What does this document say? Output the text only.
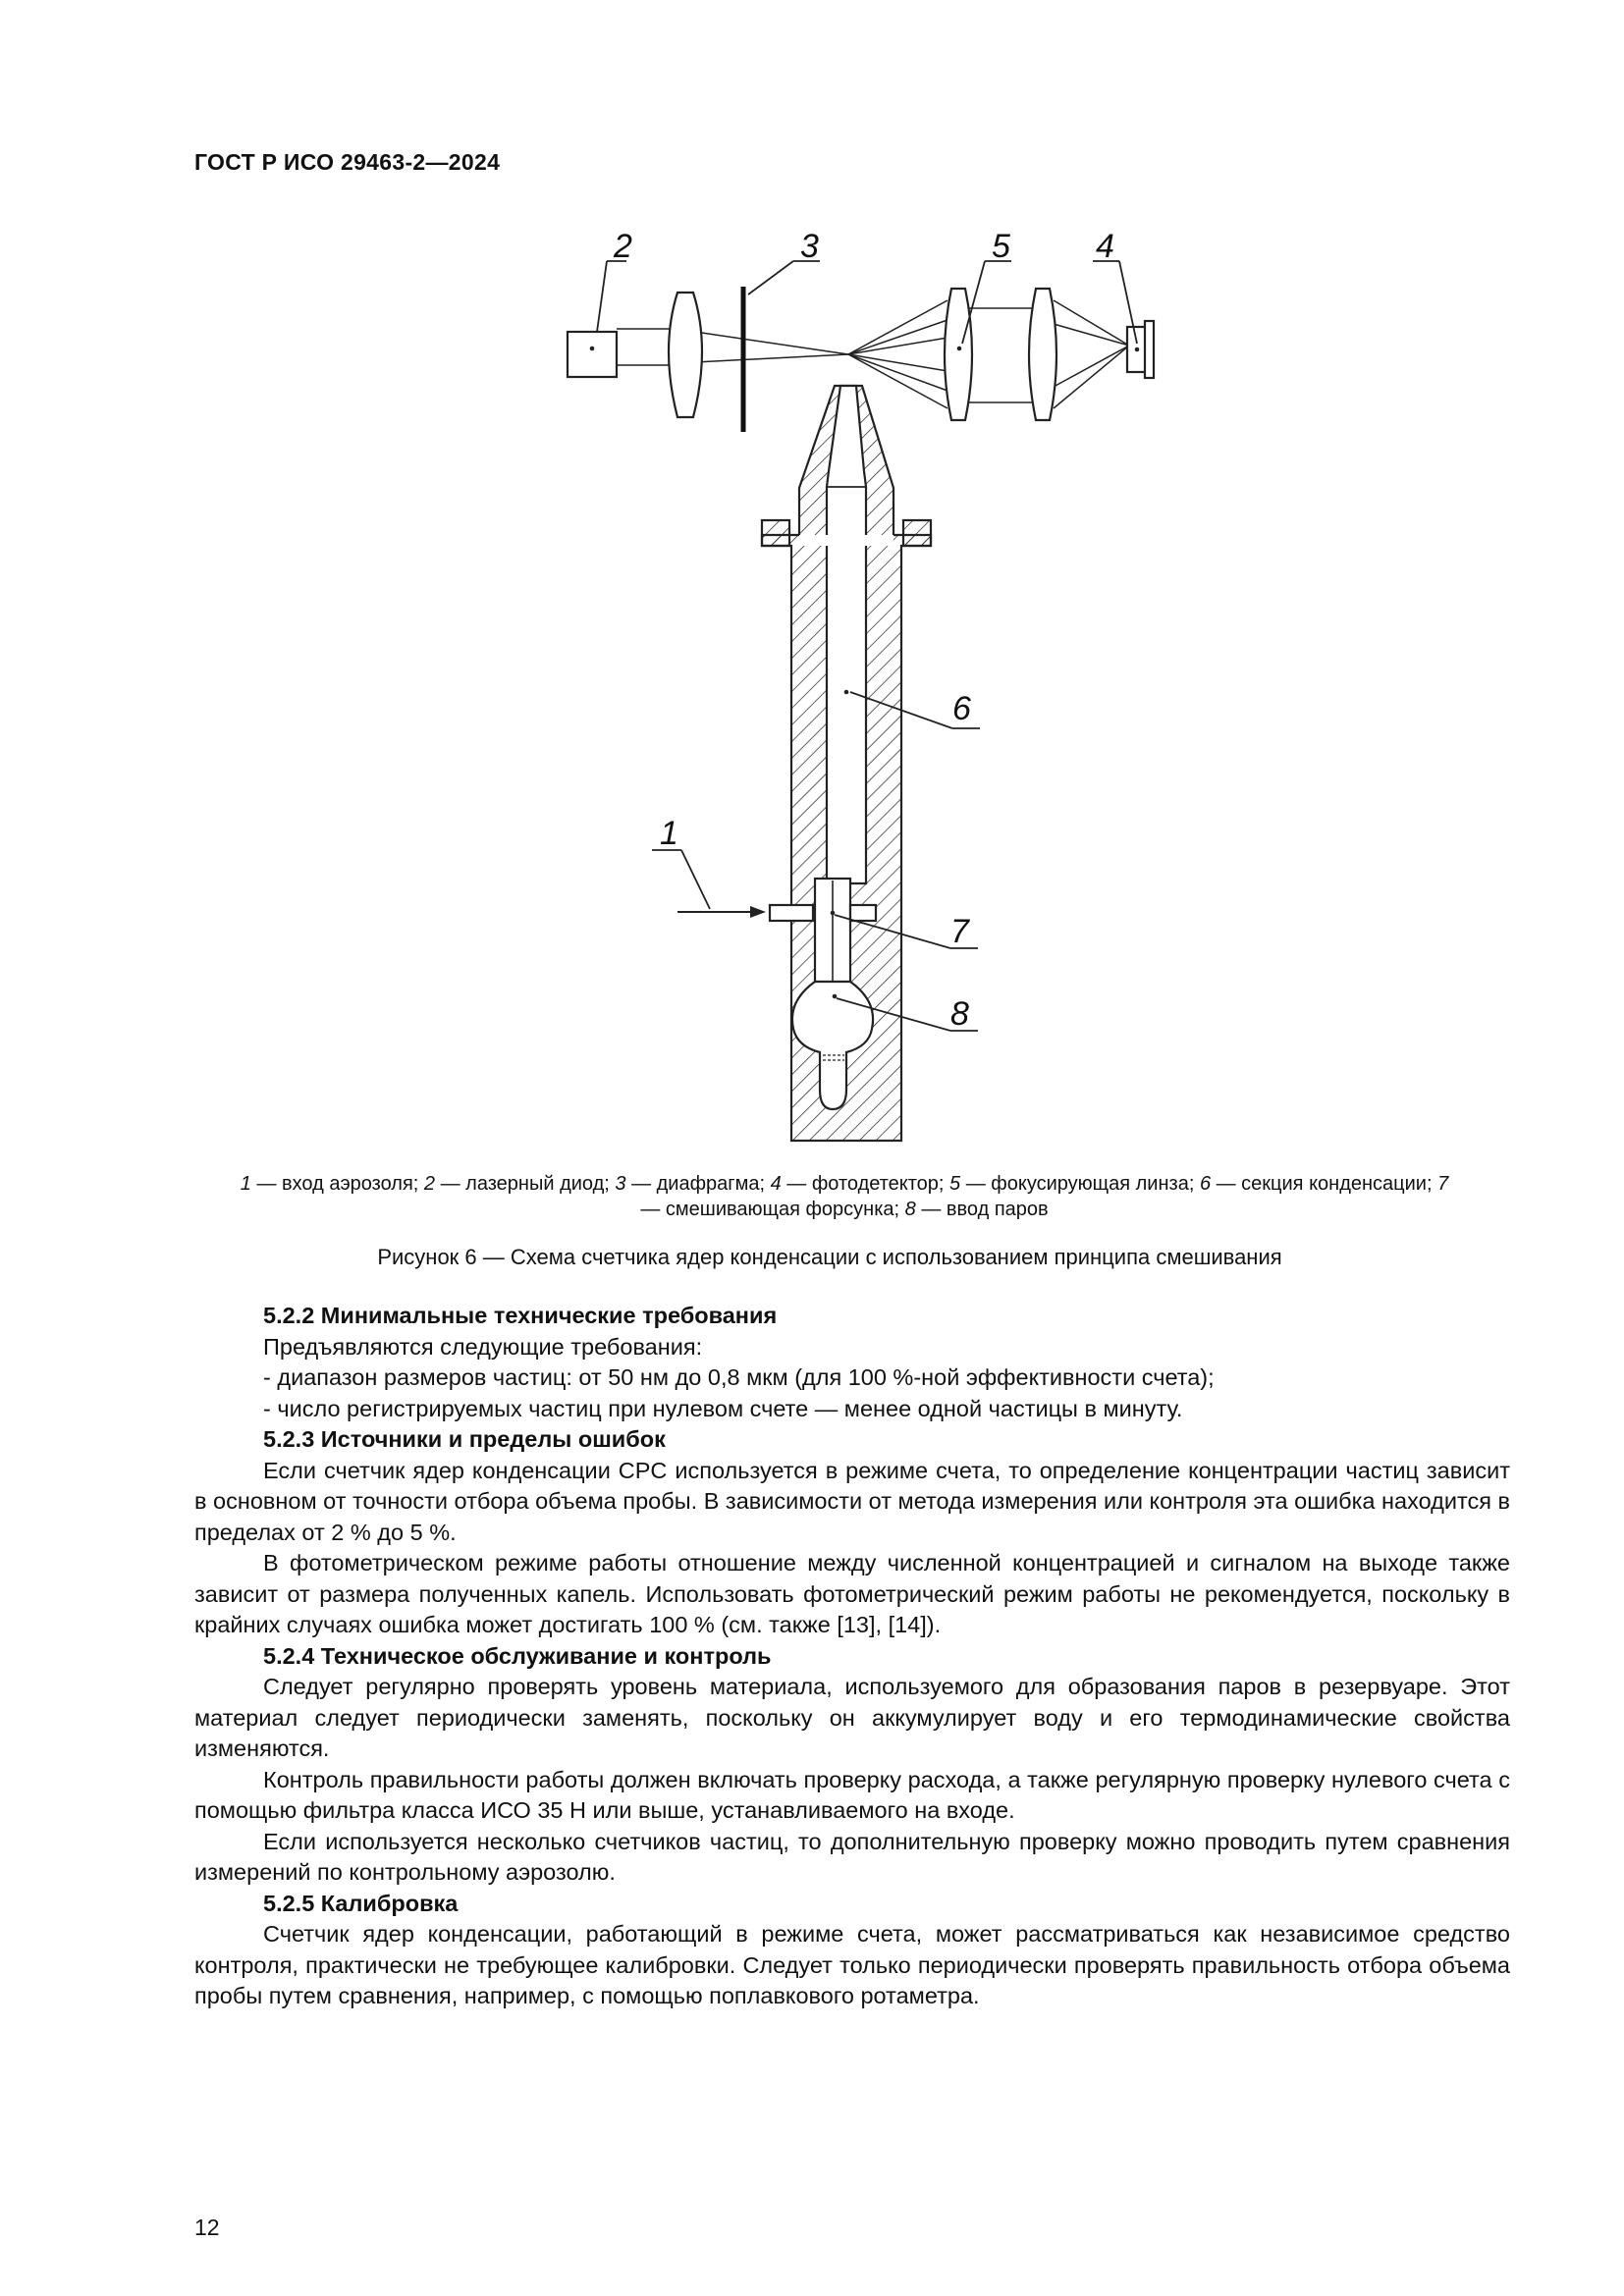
ГОСТ Р ИСО 29463-2—2024
2	3	5	4
6
1
7
8
1 — вход аэрозоля; 2 — лазерный диод; 3 — диафрагма; 4 — фотодетектор; 5 — фокусирующая линза; 6 — секция конденсации; 7 — смешивающая форсунка; 8 — ввод паров
Рисунок 6 — Схема счетчика ядер конденсации с использованием принципа смешивания
5.2.2 Минимальные технические требования
Предъявляются следующие требования:
- диапазон размеров частиц: от 50 нм до 0,8 мкм (для 100 %-ной эффективности счета);
- число регистрируемых частиц при нулевом счете — менее одной частицы в минуту.
5.2.3 Источники и пределы ошибок

Если счетчик ядер конденсации CPC используется в режиме счета, то определение концентрации частиц зависит в основном от точности отбора объема пробы. В зависимости от метода измерения или контроля эта ошибка находится в пределах от 2 % до 5 %.

В фотометрическом режиме работы отношение между численной концентрацией и сигналом на выходе также зависит от размера полученных капель. Использовать фотометрический режим работы не рекомендуется, поскольку в крайних случаях ошибка может достигать 100 % (см. также [13], [14]).

5.2.4 Техническое обслуживание и контроль

Следует регулярно проверять уровень материала, используемого для образования паров в резервуаре. Этот материал следует периодически заменять, поскольку он аккумулирует воду и его термодинамические свойства изменяются.

Контроль правильности работы должен включать проверку расхода, а также регулярную проверку нулевого счета с помощью фильтра класса ИСО 35 Н или выше, устанавливаемого на входе.

Если используется несколько счетчиков частиц, то дополнительную проверку можно проводить путем сравнения измерений по контрольному аэрозолю.

5.2.5 Калибровка

Счетчик ядер конденсации, работающий в режиме счета, может рассматриваться как независимое средство контроля, практически не требующее калибровки. Следует только периодически проверять правильность отбора объема пробы путем сравнения, например, с помощью поплавкового ротаметра.

12
